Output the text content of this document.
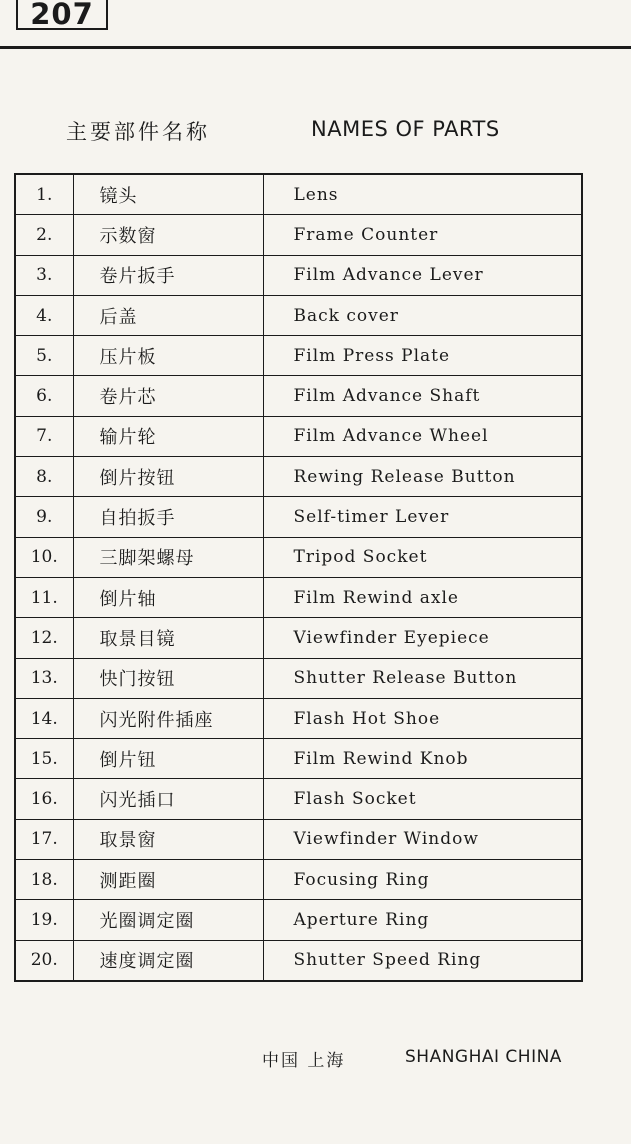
207
主要部件名称	NAMES OF PARTS
1.	镜头	Lens
2.	示数窗	Frame Counter
3.	卷片扳手	Film Advance Lever
4.	后盖	Back cover
5.	压片板	Film Press Plate
6.	卷片芯	Film Advance Shaft
7.	输片轮	Film Advance Wheel
8.	倒片按钮	Rewing Release Button
9.	自拍扳手	Self-timer Lever
10.	三脚架螺母	Tripod Socket
11.	倒片轴	Film Rewind axle
12.	取景目镜	Viewfinder Eyepiece
13.	快门按钮	Shutter Release Button
14.	闪光附件插座	Flash Hot Shoe
15.	倒片钮	Film Rewind Knob
16.	闪光插口	Flash Socket
17.	取景窗	Viewfinder Window
18.	测距圈	Focusing Ring
19.	光圈调定圈	Aperture Ring
20.	速度调定圈	Shutter Speed Ring
中国 上海	SHANGHAI CHINA
